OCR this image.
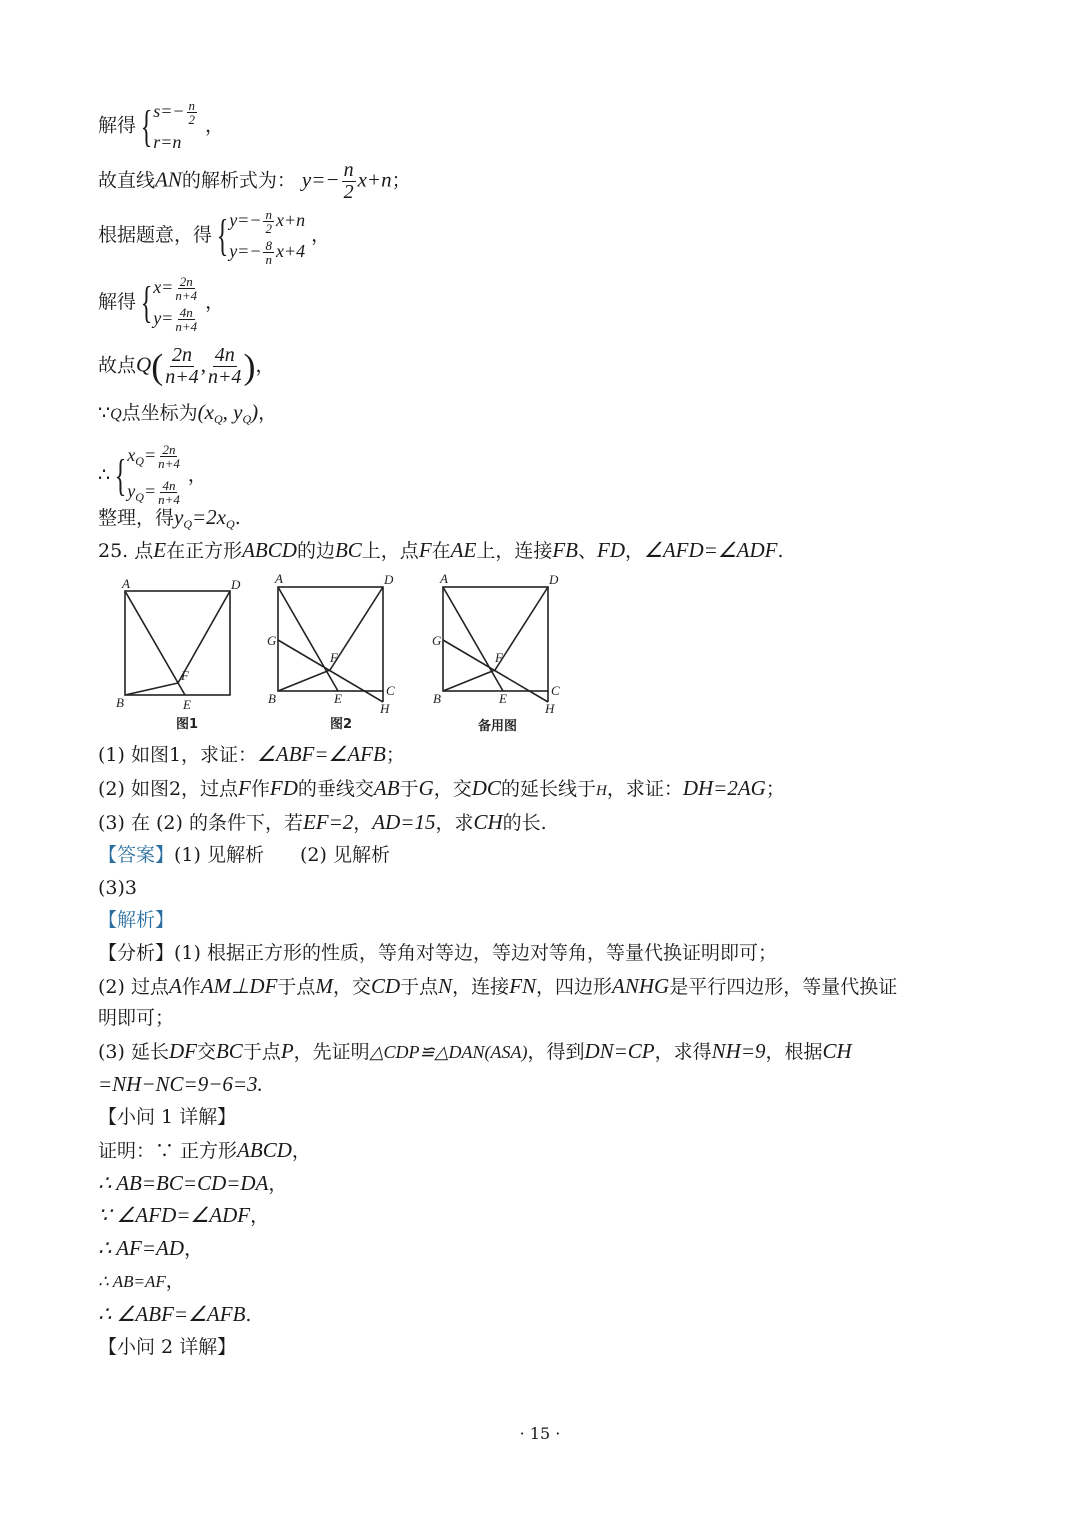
解得 { $s=- \frac{n}{2}$
r=n
，
故直线AN的解析式为： $y=- \frac{n}{2} x+n$；
根据题意，得 { $y=- \frac{n}{2} x+n$
$y=- \frac{8}{n} x+4$
，
解得 { $x= \frac{2n}{n+4}$
$y= \frac{4n}{n+4}$
，
故点$Q( \frac{2n}{n+4}$ , $\frac{4n}{n+4}$ )，
∵Q点坐标为($x_Q$, $y_Q$)，
∴ { $x_Q= \frac{2n}{n+4}$
$y_Q= \frac{4n}{n+4}$
，
整理，得$y_Q=2x_Q$.
25. 点E在正方形ABCD的边BC上，点F在AE上，连接FB、FD，∠AFD=∠ADF.
A	D
B	E
F
A	D
G
F
B	E
C
H
A	D
G
F
B	E
C
H
图1	图2	备用图
(1) 如图1，求证：∠ABF=∠AFB；
(2) 如图2，过点F作FD的垂线交AB于G，交DC的延长线于H，求证：DH=2AG；
(3) 在 (2) 的条件下，若EF=2，AD=15，求CH的长.
【答案】(1) 见解析 (2) 见解析
(3)3
【解析】
【分析】(1) 根据正方形的性质，等角对等边，等边对等角，等量代换证明即可；
(2) 过点A作AM⊥DF于点M，交CD于点N，连接FN，四边形ANHG是平行四边形，等量代换证
明即可；
(3) 延长DF交BC于点P，先证明△CDP≌△DAN(ASA)，得到DN=CP，求得NH=9，根据CH
=NH−NC=9−6=3.
【小问 1 详解】
证明：∵ 正方形ABCD，
∴ AB=BC=CD=DA，
∵ ∠AFD=∠ADF，
∴ AF=AD，
∴ AB=AF，
∴ ∠ABF=∠AFB.
【小问 2 详解】
· 15 ·
